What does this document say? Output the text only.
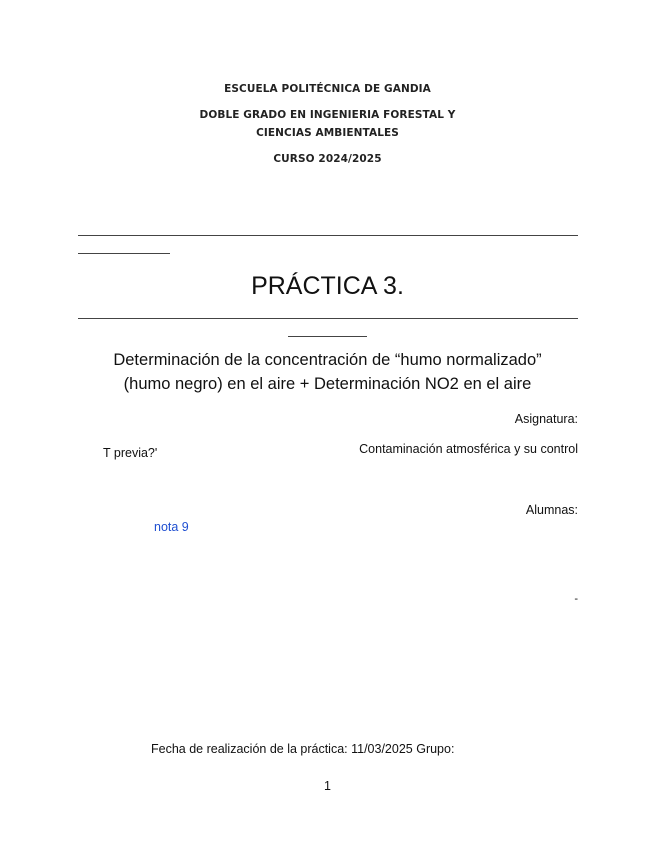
ESCUELA POLITÉCNICA DE GANDIA
DOBLE GRADO EN INGENIERIA FORESTAL Y
CIENCIAS AMBIENTALES
CURSO 2024/2025
PRÁCTICA 3.
Determinación de la concentración de “humo normalizado”
(humo negro) en el aire + Determinación NO2 en el aire
Asignatura:
T previa?'	Contaminación atmosférica y su control
Alumnas:
nota 9
-
Fecha de realización de la práctica: 11/03/2025 Grupo:
1
